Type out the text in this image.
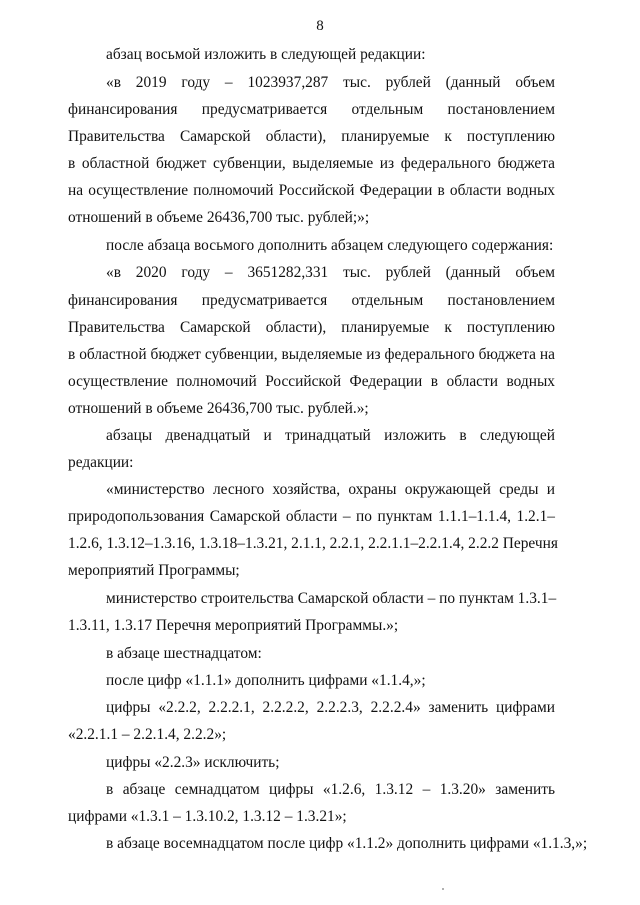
8
абзац восьмой изложить в следующей редакции:
«в 2019 году – 1023937,287 тыс. рублей (данный объем
финансирования предусматривается отдельным постановлением
Правительства Самарской области), планируемые к поступлению
в областной бюджет субвенции, выделяемые из федерального бюджета
на осуществление полномочий Российской Федерации в области водных
отношений в объеме 26436,700 тыс. рублей;»;
после абзаца восьмого дополнить абзацем следующего содержания:
«в 2020 году – 3651282,331 тыс. рублей (данный объем
финансирования предусматривается отдельным постановлением
Правительства Самарской области), планируемые к поступлению
в областной бюджет субвенции, выделяемые из федерального бюджета на
осуществление полномочий Российской Федерации в области водных
отношений в объеме 26436,700 тыс. рублей.»;
абзацы двенадцатый и тринадцатый изложить в следующей
редакции:
«министерство лесного хозяйства, охраны окружающей среды и
природопользования Самарской области – по пунктам 1.1.1–1.1.4, 1.2.1–
1.2.6, 1.3.12–1.3.16, 1.3.18–1.3.21, 2.1.1, 2.2.1, 2.2.1.1–2.2.1.4, 2.2.2 Перечня
мероприятий Программы;
министерство строительства Самарской области – по пунктам 1.3.1–
1.3.11, 1.3.17 Перечня мероприятий Программы.»;
в абзаце шестнадцатом:
после цифр «1.1.1» дополнить цифрами «1.1.4,»;
цифры «2.2.2, 2.2.2.1, 2.2.2.2, 2.2.2.3, 2.2.2.4» заменить цифрами
«2.2.1.1 – 2.2.1.4, 2.2.2»;
цифры «2.2.3» исключить;
в абзаце семнадцатом цифры «1.2.6, 1.3.12 – 1.3.20» заменить
цифрами «1.3.1 – 1.3.10.2, 1.3.12 – 1.3.21»;
в абзаце восемнадцатом после цифр «1.1.2» дополнить цифрами «1.1.3,»;
